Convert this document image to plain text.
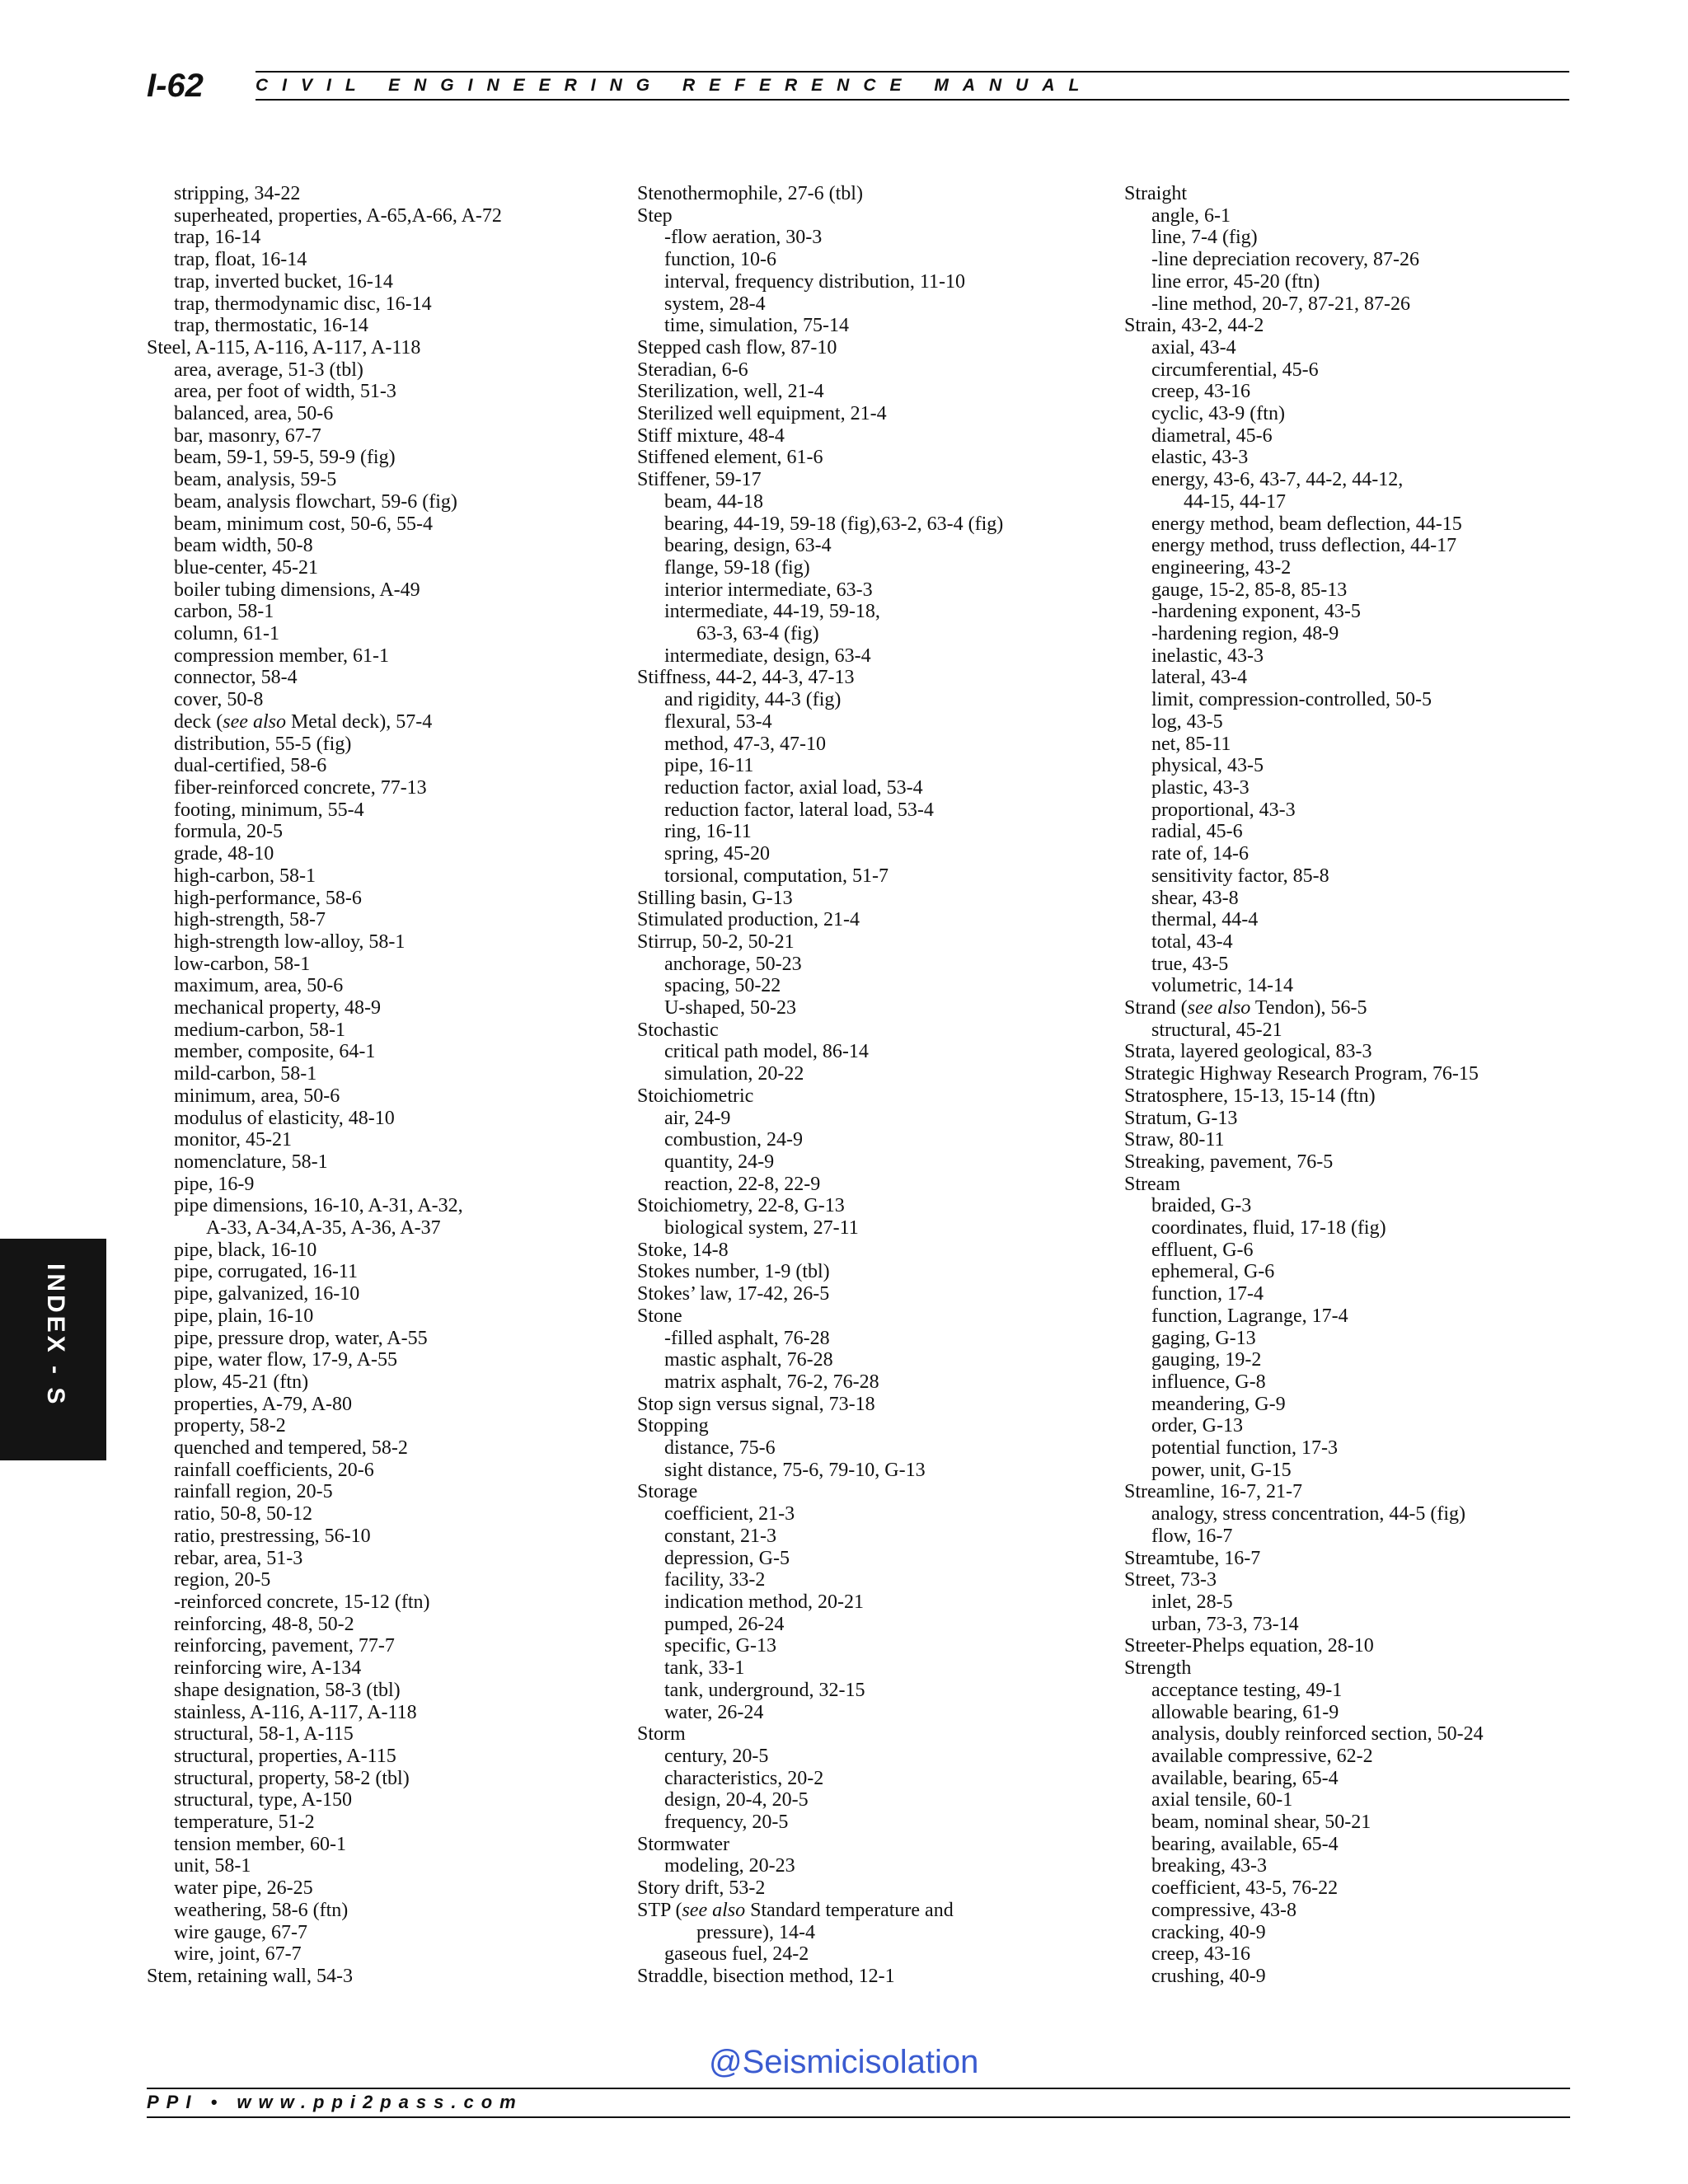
I-62	CIVIL ENGINEERING REFERENCE MANUAL
stripping, 34-22
superheated, properties, A-65,A-66, A-72
trap, 16-14
trap, float, 16-14
trap, inverted bucket, 16-14
trap, thermodynamic disc, 16-14
trap, thermostatic, 16-14
Steel, A-115, A-116, A-117, A-118
area, average, 51-3 (tbl)
area, per foot of width, 51-3
balanced, area, 50-6
bar, masonry, 67-7
beam, 59-1, 59-5, 59-9 (fig)
beam, analysis, 59-5
beam, analysis flowchart, 59-6 (fig)
beam, minimum cost, 50-6, 55-4
beam width, 50-8
blue-center, 45-21
boiler tubing dimensions, A-49
carbon, 58-1
column, 61-1
compression member, 61-1
connector, 58-4
cover, 50-8
deck (see also Metal deck), 57-4
distribution, 55-5 (fig)
dual-certified, 58-6
fiber-reinforced concrete, 77-13
footing, minimum, 55-4
formula, 20-5
grade, 48-10
high-carbon, 58-1
high-performance, 58-6
high-strength, 58-7
high-strength low-alloy, 58-1
low-carbon, 58-1
maximum, area, 50-6
mechanical property, 48-9
medium-carbon, 58-1
member, composite, 64-1
mild-carbon, 58-1
minimum, area, 50-6
modulus of elasticity, 48-10
monitor, 45-21
nomenclature, 58-1
pipe, 16-9
pipe dimensions, 16-10, A-31, A-32,
A-33, A-34,A-35, A-36, A-37
pipe, black, 16-10
pipe, corrugated, 16-11
pipe, galvanized, 16-10
pipe, plain, 16-10
pipe, pressure drop, water, A-55
pipe, water flow, 17-9, A-55
plow, 45-21 (ftn)
properties, A-79, A-80
property, 58-2
quenched and tempered, 58-2
rainfall coefficients, 20-6
rainfall region, 20-5
ratio, 50-8, 50-12
ratio, prestressing, 56-10
rebar, area, 51-3
region, 20-5
-reinforced concrete, 15-12 (ftn)
reinforcing, 48-8, 50-2
reinforcing, pavement, 77-7
reinforcing wire, A-134
shape designation, 58-3 (tbl)
stainless, A-116, A-117, A-118
structural, 58-1, A-115
structural, properties, A-115
structural, property, 58-2 (tbl)
structural, type, A-150
temperature, 51-2
tension member, 60-1
unit, 58-1
water pipe, 26-25
weathering, 58-6 (ftn)
wire gauge, 67-7
wire, joint, 67-7
Stem, retaining wall, 54-3
Stenothermophile, 27-6 (tbl)
Step
-flow aeration, 30-3
function, 10-6
interval, frequency distribution, 11-10
system, 28-4
time, simulation, 75-14
Stepped cash flow, 87-10
Steradian, 6-6
Sterilization, well, 21-4
Sterilized well equipment, 21-4
Stiff mixture, 48-4
Stiffened element, 61-6
Stiffener, 59-17
beam, 44-18
bearing, 44-19, 59-18 (fig),63-2, 63-4 (fig)
bearing, design, 63-4
flange, 59-18 (fig)
interior intermediate, 63-3
intermediate, 44-19, 59-18,
63-3, 63-4 (fig)
intermediate, design, 63-4
Stiffness, 44-2, 44-3, 47-13
and rigidity, 44-3 (fig)
flexural, 53-4
method, 47-3, 47-10
pipe, 16-11
reduction factor, axial load, 53-4
reduction factor, lateral load, 53-4
ring, 16-11
spring, 45-20
torsional, computation, 51-7
Stilling basin, G-13
Stimulated production, 21-4
Stirrup, 50-2, 50-21
anchorage, 50-23
spacing, 50-22
U-shaped, 50-23
Stochastic
critical path model, 86-14
simulation, 20-22
Stoichiometric
air, 24-9
combustion, 24-9
quantity, 24-9
reaction, 22-8, 22-9
Stoichiometry, 22-8, G-13
biological system, 27-11
Stoke, 14-8
Stokes number, 1-9 (tbl)
Stokes’ law, 17-42, 26-5
Stone
-filled asphalt, 76-28
mastic asphalt, 76-28
matrix asphalt, 76-2, 76-28
Stop sign versus signal, 73-18
Stopping
distance, 75-6
sight distance, 75-6, 79-10, G-13
Storage
coefficient, 21-3
constant, 21-3
depression, G-5
facility, 33-2
indication method, 20-21
pumped, 26-24
specific, G-13
tank, 33-1
tank, underground, 32-15
water, 26-24
Storm
century, 20-5
characteristics, 20-2
design, 20-4, 20-5
frequency, 20-5
Stormwater
modeling, 20-23
Story drift, 53-2
STP (see also Standard temperature and
pressure), 14-4
gaseous fuel, 24-2
Straddle, bisection method, 12-1
Straight
angle, 6-1
line, 7-4 (fig)
-line depreciation recovery, 87-26
line error, 45-20 (ftn)
-line method, 20-7, 87-21, 87-26
Strain, 43-2, 44-2
axial, 43-4
circumferential, 45-6
creep, 43-16
cyclic, 43-9 (ftn)
diametral, 45-6
elastic, 43-3
energy, 43-6, 43-7, 44-2, 44-12,
44-15, 44-17
energy method, beam deflection, 44-15
energy method, truss deflection, 44-17
engineering, 43-2
gauge, 15-2, 85-8, 85-13
-hardening exponent, 43-5
-hardening region, 48-9
inelastic, 43-3
lateral, 43-4
limit, compression-controlled, 50-5
log, 43-5
net, 85-11
physical, 43-5
plastic, 43-3
proportional, 43-3
radial, 45-6
rate of, 14-6
sensitivity factor, 85-8
shear, 43-8
thermal, 44-4
total, 43-4
true, 43-5
volumetric, 14-14
Strand (see also Tendon), 56-5
structural, 45-21
Strata, layered geological, 83-3
Strategic Highway Research Program, 76-15
Stratosphere, 15-13, 15-14 (ftn)
Stratum, G-13
Straw, 80-11
Streaking, pavement, 76-5
Stream
braided, G-3
coordinates, fluid, 17-18 (fig)
effluent, G-6
ephemeral, G-6
function, 17-4
function, Lagrange, 17-4
gaging, G-13
gauging, 19-2
influence, G-8
meandering, G-9
order, G-13
potential function, 17-3
power, unit, G-15
Streamline, 16-7, 21-7
analogy, stress concentration, 44-5 (fig)
flow, 16-7
Streamtube, 16-7
Street, 73-3
inlet, 28-5
urban, 73-3, 73-14
Streeter-Phelps equation, 28-10
Strength
acceptance testing, 49-1
allowable bearing, 61-9
analysis, doubly reinforced section, 50-24
available compressive, 62-2
available, bearing, 65-4
axial tensile, 60-1
beam, nominal shear, 50-21
bearing, available, 65-4
breaking, 43-3
coefficient, 43-5, 76-22
compressive, 43-8
cracking, 40-9
creep, 43-16
crushing, 40-9
INDEX - S
@Seismicisolation
PPI • www.ppi2pass.com
